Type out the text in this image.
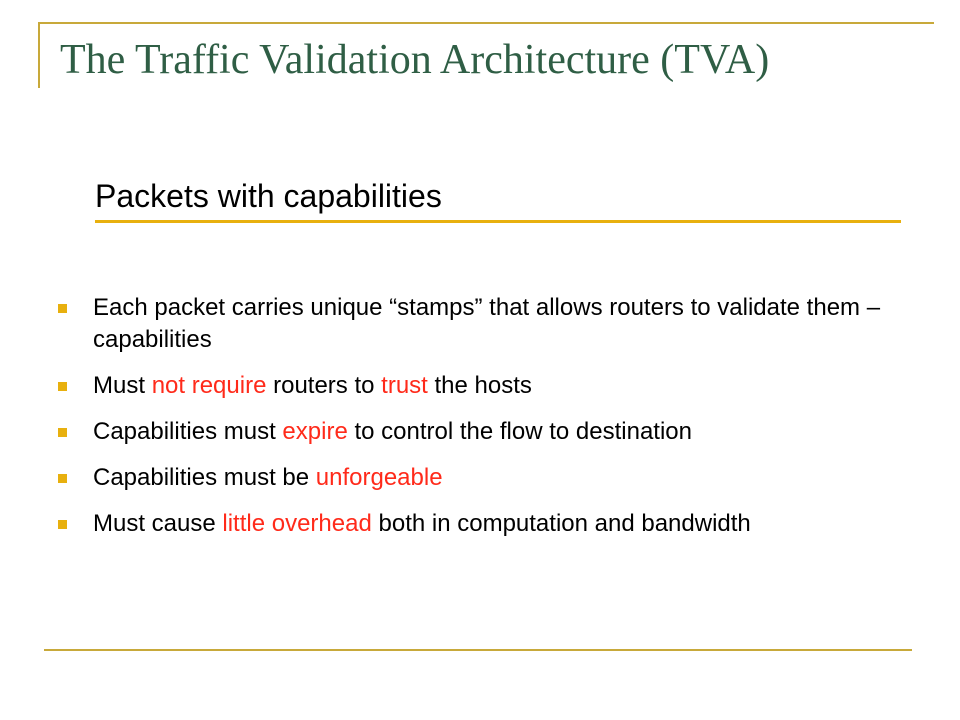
The Traffic Validation Architecture (TVA)
Packets with capabilities
Each packet carries unique “stamps” that allows routers to validate them – capabilities
Must not require routers to trust the hosts
Capabilities must expire to control the flow to destination
Capabilities must be unforgeable
Must cause little overhead both in computation and bandwidth
